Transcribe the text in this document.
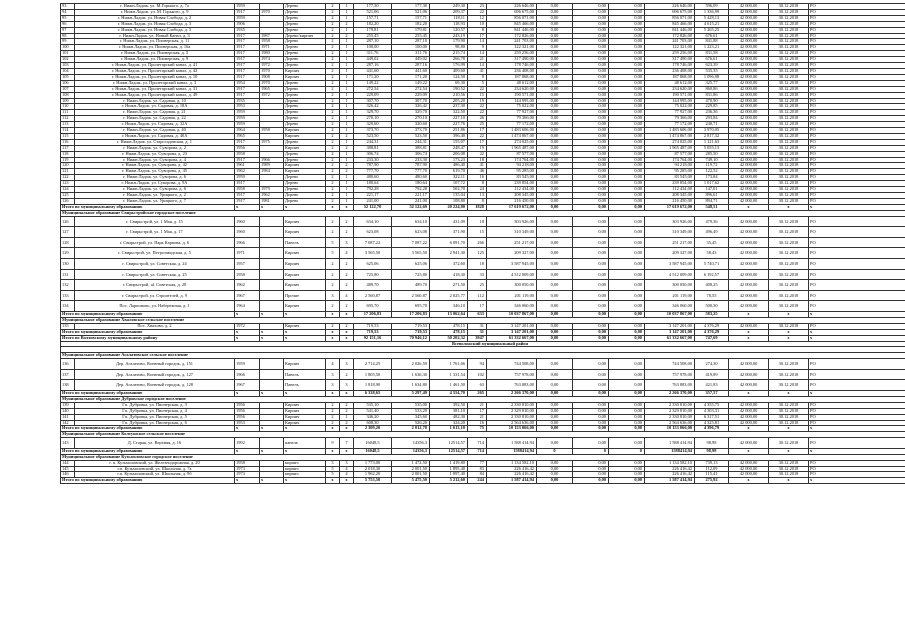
93	г. Нижн.Ладож. ул. М.Горького, д. 7а	1959		Дерево	2	1	177,30	177,30	249,30	23	226 646,00	0,00	0,00	0,00	226 646,00	596,09	42 000,00	30.12.2018	РО
94	г. Нижн.Ладож. ул. М. Горького, д. 9	1917	1970	Дерево	2	1	521,06	521,06	209,37	22	696 675,00	0,00	0,00	0,00	696 675,00	1 336,99	42 000,00	30.12.2018	РО
95	г. Нижн.Ладож. ул. Новая Слобода, д. 2	1959		Дерево	2	1	157,71	157,71	118,11	12	856 071,00	0,00	0,00	0,00	856 071,00	5 428,13	42 000,00	30.12.2018	РО
96	г. Нижн.Ладож. ул. Новая Слобода, д. 3	1906		Дерево	2	2	182,20	182,20	118,93	10	845 466,00	0,00	0,00	0,00	845 466,00	4 615,21	42 000,00	30.12.2018	РО
97	г. Нижн.Ладож. ул. Новая Слобода, д. 5	1935		Дерево	2	1	179,81	179,81	120,57	8	841 446,00	0,00	0,00	0,00	841 446,00	5 265,25	42 000,00	30.12.2018	РО
98	г. Нижн.Ладож. ул. Новый Канал, д. 3	1917	1987	Дерево/кирпич	2	2	255,45	255,45	243,19	17	172 826,00	0,00	0,00	0,00	172 826,00	676,61	42 000,00	30.12.2018	РО
99	г. Нижн.Ладож. ул. Пионерская, д. 11	1917	1958	Дерево	2	1	287,10	287,10	179,90	14	241 703,00	0,00	0,00	0,00	241 703,00	841,88	42 000,00	30.12.2018	РО
100	г. Нижн.Ладож. ул. Пионерская, д. 16а	1917	1971	Дерево	2	1	100,00	100,00	98,80	9	122 321,00	0,00	0,00	0,00	122 321,00	1 223,21	42 000,00	30.12.2018	РО
101	г. Нижн.Ладож. ул. Пионерская, д. 5	1917	1980	Дерево	2	1	311,76	311,76	215,74	14	259 256,00	0,00	0,00	0,00	259 256,00	831,58	42 000,00	30.12.2018	РО
102	г. Нижн.Ладож. ул. Пионерская, д. 9	1917	1974	Дерево	2	1	449,02	449,02	266,78	21	317 490,00	0,00	0,00	0,00	317 490,00	676,61	42 000,00	30.12.2018	РО
103	г. Нижн.Ладож. ул. Пролетарский канал, д. 41	1917	1972	Дерево	2	1	287,16	287,16	176,99	14	178 746,00	0,00	0,00	0,00	178 746,00	623,39	42 000,00	30.12.2018	РО
104	г. Нижн.Ладож. ул. Пролетарский канал, д. 42	1917	1970	Кирпич	2	1	441,60	441,60	409,60	41	236 408,00	0,00	0,00	0,00	236 408,00	535,35	42 000,00	30.12.2018	РО
105	г. Нижн.Ладож. ул. Пролетарский канал, д. 10	1917	1908	Кирпич	2	1	171,20	171,20	124,50	8	187 868,00	0,00	0,00	0,00	187 868,00	1 096,98	42 000,00	30.12.2018	РО
106	г. Нижн.Ладож. ул. Пролетарский канал, д. 3	1954	1970	Дерево	2	1	149,22	149,22	69,30	5	48 612,00	0,00	0,00	0,00	48 612,00	325,77	42 000,00	30.12.2018	РО
107	г. Нижн.Ладож. ул. Пролетарский канал, д. 31	1917	1965	Дерево	2	1	272,54	272,54	190,52	22	234 620,00	0,00	0,00	0,00	234 620,00	860,86	42 000,00	30.12.2018	РО
108	г. Нижн.Ладож. ул. Пролетарский канал, д. 49	1917	1972	Дерево	2	1	229,09	229,09	210,56	15	190 571,00	0,00	0,00	0,00	190 571,00	831,86	42 000,00	30.12.2018	РО
109	г. Нижн.Ладож. ул. Садовая, д. 10	1935		Дерево	2	1	307,70	307,70	205,20	19	144 995,00	0,00	0,00	0,00	144 995,00	470,90	42 000,00	30.12.2018	РО
110	г. Нижн.Ладож. ул. Садовая, д. 18А	1953		Дерево	2	1	326,42	326,42	237,30	22	75 022,00	0,00	0,00	0,00	75 022,00	229,85	42 000,00	30.12.2018	РО
111	г. Нижн.Ладож. ул. Садовая, д. 21	1959		Дерево	2	1	329,70	329,70	322,50	22	77 927,00	0,00	0,00	0,00	77 927,00	236,36	42 000,00	30.12.2018	РО
112	г. Нижн.Ладож. ул. Садовая, д. 22	1959		Дерево	2	1	270,10	270,10	227,10	26	79 366,00	0,00	0,00	0,00	79 366,00	293,84	42 000,00	30.12.2018	РО
113	г. Нижн.Ладож. ул. Садовая, д. 32А	1959		Дерево	2	1	320,60	320,60	227,76	25	77 172,00	0,00	0,00	0,00	77 172,00	240,71	42 000,00	30.12.2018	РО
114	г. Нижн.Ладож. ул. Садовая, д. 40	1964	1958	Кирпич	2	1	373,70	373,70	251,86	17	1 483 606,00	0,00	0,00	0,00	1 483 606,00	3 970,05	42 000,00	30.12.2018	РО
115	г. Нижн.Ладож. ул. Садовая, д. 40А	1965		Кирпич	2	2	523,50	523,50	396,40	22	1 474 867,00	0,00	0,00	0,00	1 474 867,00	2 817,32	42 000,00	30.12.2018	РО
116	г. Нижн.Ладож. ул. Старосадовская, д. 1	1917	1975	Дерево	2	1	244,31	244,31	155,07	17	274 025,00	0,00	0,00	0,00	274 025,00	1 121,63	42 000,00	30.12.2018	РО
117	г. Нижн.Ладож. ул. Суворова, д. 2	1956		Кирпич	2	2	388,81	388,81	248,47	19	1 965 487,00	0,00	0,00	0,00	1 965 487,00	5 055,13	42 000,00	30.12.2018	РО
118	г. Нижн.Ладож. ул. Суворова, д. 23	1958		Дерево	2	1	306,74	306,74	206,08	22	87 577,00	0,00	0,00	0,00	87 577,00	285,50	42 000,00	30.12.2018	РО
119	г. Нижн.Ладож. ул. Суворова, д. 4	1917	1966	Дерево	2	1	233,30	233,30	173,23	18	174 764,00	0,00	0,00	0,00	174 764,00	749,10	42 000,00	30.12.2018	РО
120	г. Нижн.Ладож. ул. Суворова, д. 42	1961	1989	Кирпич	2	2	787,90	787,90	486,40	41	94 218,00	0,00	0,00	0,00	94 218,00	119,72	42 000,00	30.12.2018	РО
121	г. Нижн.Ладож. ул. Суворова, д. 45	1962	1984	Кирпич	2	2	777,70	777,70	619,70	46	95 285,00	0,00	0,00	0,00	95 285,00	122,52	42 000,00	30.12.2018	РО
122	г. Нижн.Ладож. ул. Суворова, д. 6	1959		Дерево	2	1	480,60	480,60	322,11	16	83 545,00	0,00	0,00	0,00	83 545,00	173,84	42 000,00	30.12.2018	РО
123	г. Нижн.Ладож. ул. Суворова, д. 9А	1917		Дерево	2	1	180,64	180,64	107,72	8	239 854,00	0,00	0,00	0,00	239 854,00	1 017,62	42 000,00	30.12.2018	РО
124	г. Нижн.Ладож. ул. Суворова, д. 6	1958	1979	Дерево	2	1	792,28	792,28	502,70	24	112 434,00	0,00	0,00	0,00	112 434,00	147,01	42 000,00	30.12.2018	РО
125	г. Нижн.Ладож. ул. Урицкого, д. 2	1917	1962	Дерево	2	1	221,17	221,17	135,04	13	208 345,00	0,00	0,00	0,00	208 345,00	896,61	42 000,00	30.12.2018	РО
126	г. Нижн.Ладож. ул. Урицкого, д. 7	1917	1981	Дерево	2	1	241,00	241,00	108,80	8	216 450,00	0,00	0,00	0,00	216 450,00	894,71	42 000,00	30.12.2018	РО
Итого по муниципальному образованию		х	х	х	х	х	52 122,70	52 122,69	20 224,80	1828	17 619 672,00	0,00	0,00	0,00	17 619 672,00	548,51	х	х	х
Муниципальное образование Свирьстройское городское поселение																			
126	г. Свирьстрой, ул. 1 Мая, д. 15	1960		Кирпич	2	2	634,10	634,10	431,09	18	303 926,00	0,00	0,00	0,00	303 926,00	479,36	42 000,00	30.12.2018	РО
127	г. Свирьстрой, ул. 1 Мая, д. 17	1960		Кирпич	2	2	623,08	623,08	371,90	15	310 349,00	0,00	0,00	0,00	310 349,00	496,49	42 000,00	30.12.2018	РО
128	г. Свирьстрой, ул. Парк Карпова, д. 6	1966		Панель	5	3	7 087,22	7 087,22	6 091,70	266	251 217,00	0,00	0,00	0,00	251 217,00	35,45	42 000,00	30.12.2018	РО
129	г. Свирьстрой, ул. Петрозаводская, д. 5	1971		Кирпич	5	4	3 565,50	3 565,50	2 941,30	125	209 327,00	0,00	0,00	0,00	209 327,00	58,43	42 000,00	30.12.2018	РО
130	г. Свирьстрой, ул. Советская, д. 24	1957		Кирпич	2	2	625,06	625,06	372,60	18	3 587 945,00	0,00	0,00	0,00	3 587 945,00	5 740,71	42 000,00	30.12.2018	РО
131	г. Свирьстрой, ул. Советская, д. 25	1958		Кирпич	2	2	725,80	725,80	418,30	33	4 512 009,00	0,00	0,00	0,00	4 512 009,00	6 192,57	42 000,00	30.12.2018	РО
132	г. Свирьстрой, ul. Советская, д. 28	1962		Кирпич	2	2	489,70	489,70	271,50	25	300 050,00	0,00	0,00	0,00	300 050,00	408,25	42 000,00	30.12.2018	РО
133	г. Свирьстрой, ул. Строителей, д. 9	1967		Прочие	3	4	2 560,87	2 560,87	2 025,77	112	201 119,00	0,00	0,00	0,00	201 119,00	78,55	42 000,00	30.12.2018	РО
134	Пос. Ларионово, ул. Набережная, д. 1	1964		Кирпич	2	2	695,70	695,70	346,10	17	346 060,00	0,00	0,00	0,00	346 060,00	500,30	42 000,00	30.12.2018	РО
Итого по муниципальному образованию		х	х	х	х	х	17 206,83	17 206,83	13 062,64	633	10 037 867,00	0,00	0,00	0,00	10 037 867,00	583,25	х	х	х
Муниципальное образование Хваловское сельское поселение																			
135	Пос. Хвалово, д. 2	1972		Кирпич	2	2	719,53	719,53	478,15	31	3 147 201,00	0,00	0,00	0,00	3 147 201,00	4 376,29	42 000,00	30.12.2018	РО
Итого по муниципальному образованию		х	х	х	х	х	719,53	719,53	478,15	31	3 147 201,00	0,00	0,00	0,00	3 147 201,00	4 376,29	х	х	х
Итого по Волховскому муниципальному району		х	х	х	х	х	92 151,16	70 946,12	50 202,32	3947	61 332 667,00	0,00	0,00	0,00	61 332 667,00	747,69	х	х	х
Всеволожский муниципальный район																			

Муниципальное образование Агалатовское сельское поселение																			
136	Дер. Агалатово, Военный городок, д. 151	1959		Кирпич	4	3	2 714,25	2 026,59	1 761,66	94	744 508,00	0,00	0,00	0,00	744 508,00	274,30	42 000,00	30.12.2018	РО
137	Дер. Агалатово, Военный городок, д. 127	1966		Панель	3	2	1 805,50	1 636,30	1 331,54	102	757 978,00	0,00	0,00	0,00	757 978,00	419,89	42 000,00	30.12.2018	РО
138	Дер. Агалатово, Военный городок, д. 128	1967		Панель	3	3	1 818,90	1 634,80	1 461,50	63	763 883,00	0,00	0,00	0,00	763 883,00	421,83	42 000,00	30.12.2018	РО
Итого по муниципальному образованию		х	х	х	х	х	6 338,65	5 297,49	4 554,70	265	2 266 370,00	0,00	0,00	0,00	2 266 370,00	357,57	х	х	х
Муниципальное образование Дубровское городское поселение																			
139	Гп. Дубровка, ул. Пионерская, д. 3	1956		Кирпич	2	2	535,10	535,00	392,50	21	2 330 810,00	0,00	0,00	0,00	2 330 810,00	4 355,75	42 000,00	30.12.2018	РО
140	Гп. Дубровка, ул. Пионерская, д. 4	1956		Кирпич	2	2	541,40	533,20	381,10	17	2 329 810,00	0,00	0,00	0,00	2 329 810,00	4 303,31	42 000,00	30.12.2018	РО
141	Гп. Дубровка, ул. Пионерская, д. 5	1956		Кирпич	2	1	346,20	345,60	482,30	21	2 330 810,00	0,00	0,00	0,00	2 330 810,00	6 317,51	42 000,00	30.12.2018	РО
142	Гп. Дубровка, ул. Пионерская, д. 6	1953		Кирпич	2	2	608,30	526,20	324,20	16	2 564 636,00	0,00	0,00	0,00	2 564 636,00	4 325,81	42 000,00	30.12.2018	РО
Итого по муниципальному образованию		х	х	х	х	х	2 309,20	2 012,70	1 613,10	75	10 153 066,00	0,00	0,00	0,00	10 153 066,00	4 396,79	х	х	х
Муниципальное образование Колтушское сельское поселение																			
143	Д. Старая, ул. Верхняя, д. 16	1992		панель	9	7	16048,5	14356,3	12514,57	714	1 588 414,94	0,00	0,00	0,00	1 588 414,94	98,98	42 000,00	30.12.2018	РО
Итого по муниципальному образованию		х	х	х	х	х	16048,5	14356,3	12514,57	714	1588414,94	0	0	0	1588414,94	98,98	х	х	х
Муниципальное образование Кузьмоловское городское поселение																			
144	г. п. Кузьмоловский, ул. Железнодорожная, д. 20	1958		кирпич	3	3	1 773,00	1 472,50	1 419,80	77	1 134 582,10	0,00	0,00	0,00	1 134 582,10	739,13	42 000,00	30.12.2018	РО
145	г.п. Кузьмоловский, ул. Школьная, д. 7а	1973		кирпич	5	4	2 018,30	2 001,50	1 895,40	83	226 416,42	0,00	0,00	0,00	226 416,42	112,09	42 000,00	30.12.2018	РО
146	г.п. Кузьмоловский, ул. Школьная, д. 9б	1973		кирпич	5	4	1 962,20	2 001,50	1 897,40	84	226 416,42	0,00	0,00	0,00	226 416,42	115,41	42 000,00	30.12.2018	РО
Итого по муниципальному образованию		х	х	х	х	х	5 753,50	5 475,50	5 212,60	244	1 587 414,94	0,00	0,00	0,00	1 587 414,94	275,92	х	х	х
